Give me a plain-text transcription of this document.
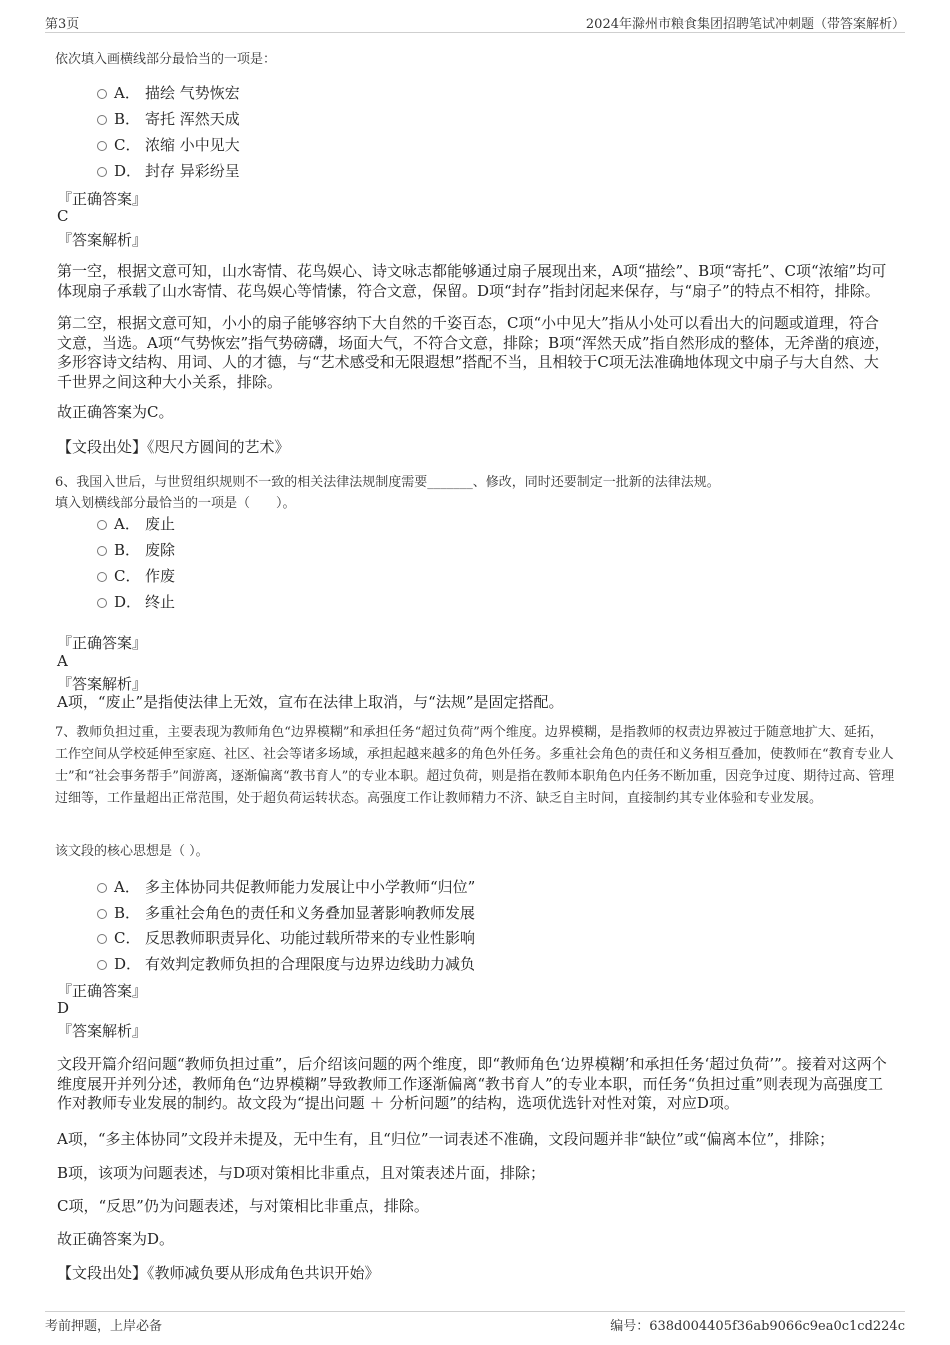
第3页	2024年滁州市粮食集团招聘笔试冲刺题（带答案解析）
依次填入画横线部分最恰当的一项是：
A． 描绘 气势恢宏
B． 寄托 浑然天成
C． 浓缩 小中见大
D． 封存 异彩纷呈
『正确答案』
C
『答案解析』
第一空，根据文意可知，山水寄情、花鸟娱心、诗文咏志都能够通过扇子展现出来，A项“描绘”、B项“寄托”、C项“浓缩”均可体现扇子承载了山水寄情、花鸟娱心等情愫，符合文意，保留。D项“封存”指封闭起来保存，与“扇子”的特点不相符，排除。
第二空，根据文意可知，小小的扇子能够容纳下大自然的千姿百态，C项“小中见大”指从小处可以看出大的问题或道理，符合文意，当选。A项“气势恢宏”指气势磅礴，场面大气，不符合文意，排除；B项“浑然天成”指自然形成的整体，无斧凿的痕迹，多形容诗文结构、用词、人的才德，与“艺术感受和无限遐想”搭配不当，且相较于C项无法准确地体现文中扇子与大自然、大千世界之间这种大小关系，排除。
故正确答案为C。
【文段出处】《咫尺方圆间的艺术》
6、我国入世后，与世贸组织规则不一致的相关法律法规制度需要_______、修改，同时还要制定一批新的法律法规。
填入划横线部分最恰当的一项是（　　）。
A． 废止
B． 废除
C． 作废
D． 终止
『正确答案』
A
『答案解析』
A项，“废止”是指使法律上无效，宣布在法律上取消，与“法规”是固定搭配。
7、教师负担过重，主要表现为教师角色“边界模糊”和承担任务“超过负荷”两个维度。边界模糊，是指教师的权责边界被过于随意地扩大、延拓，工作空间从学校延伸至家庭、社区、社会等诸多场域，承担起越来越多的角色外任务。多重社会角色的责任和义务相互叠加，使教师在“教育专业人士”和“社会事务帮手”间游离，逐渐偏离“教书育人”的专业本职。超过负荷，则是指在教师本职角色内任务不断加重，因竞争过度、期待过高、管理过细等，工作量超出正常范围，处于超负荷运转状态。高强度工作让教师精力不济、缺乏自主时间，直接制约其专业体验和专业发展。
该文段的核心思想是（ ）。
A． 多主体协同共促教师能力发展让中小学教师“归位”
B． 多重社会角色的责任和义务叠加显著影响教师发展
C． 反思教师职责异化、功能过载所带来的专业性影响
D． 有效判定教师负担的合理限度与边界边线助力减负
『正确答案』
D
『答案解析』
文段开篇介绍问题“教师负担过重”，后介绍该问题的两个维度，即“教师角色‘边界模糊’和承担任务‘超过负荷’”。接着对这两个维度展开并列分述，教师角色“边界模糊”导致教师工作逐渐偏离“教书育人”的专业本职，而任务“负担过重”则表现为高强度工作对教师专业发展的制约。故文段为“提出问题 ＋ 分析问题”的结构，选项优选针对性对策，对应D项。
A项，“多主体协同”文段并未提及，无中生有，且“归位”一词表述不准确，文段问题并非“缺位”或“偏离本位”，排除；
B项，该项为问题表述，与D项对策相比非重点，且对策表述片面，排除；
C项，“反思”仍为问题表述，与对策相比非重点，排除。
故正确答案为D。
【文段出处】《教师减负要从形成角色共识开始》
考前押题，上岸必备	编号：638d004405f36ab9066c9ea0c1cd224c
